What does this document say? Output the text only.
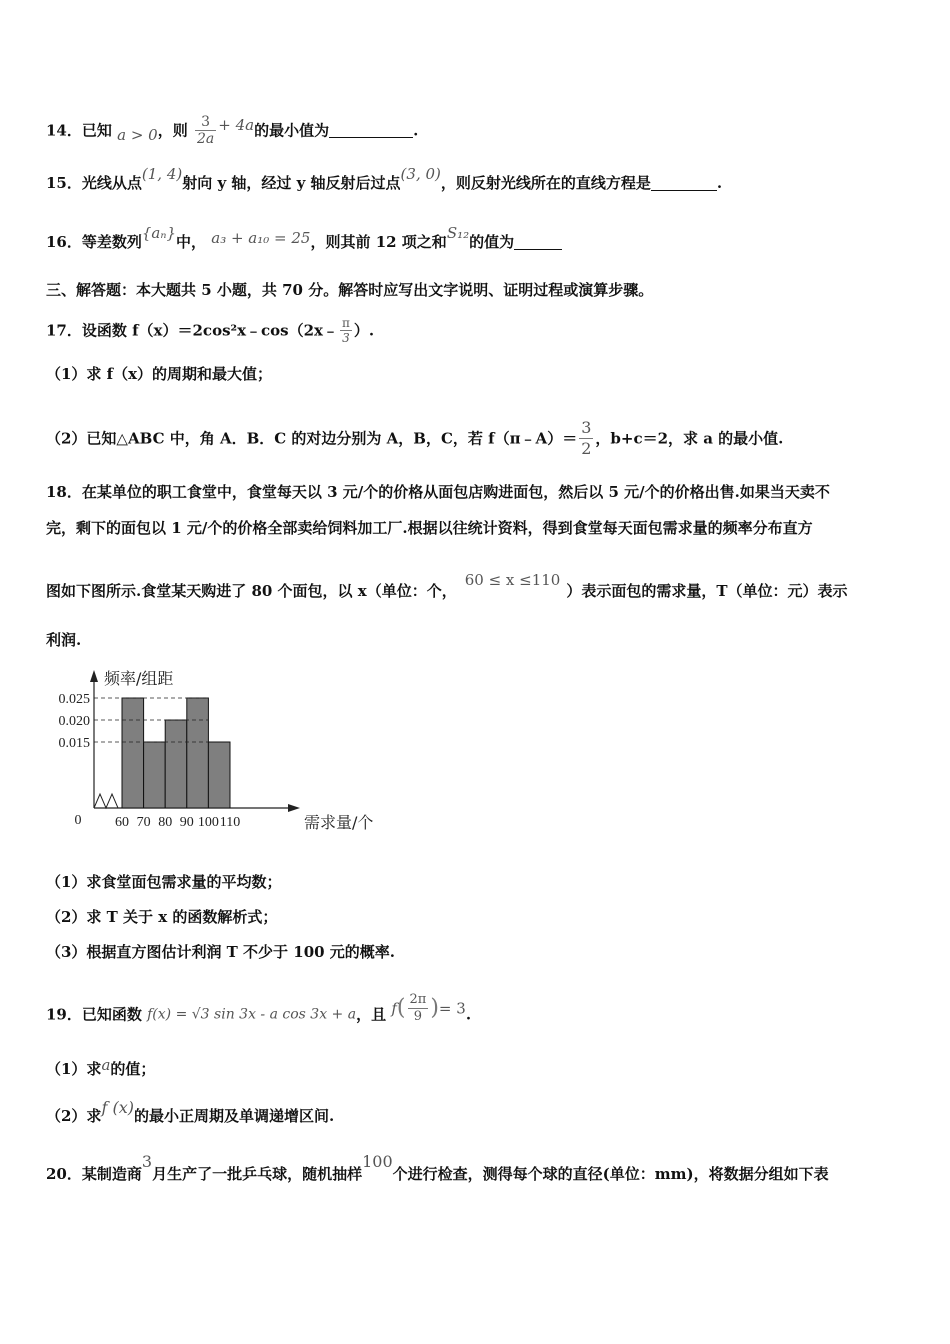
14．已知 a > 0，则 $\frac{3}{2a} + 4a$的最小值为	.
15．光线从点(1, 4)射向 y 轴，经过 y 轴反射后过点(3, 0)，则反射光线所在的直线方程是	.
16．等差数列{aₙ}中， a₃ + a₁₀ = 25，则其前 12 项之和S₁₂的值为
三、解答题：本大题共 5 小题，共 70 分。解答时应写出文字说明、证明过程或演算步骤。
17．设函数 f（x）＝2cos²x﹣cos（2x﹣ $\frac{\pi}{3}$ ）.
（1）求 f（x）的周期和最大值；
（2）已知△ABC 中，角 A．B．C 的对边分别为 A，B，C，若 f（π﹣A）＝ $\frac{3}{2}$ ，b+c＝2，求 a 的最小值.
18．在某单位的职工食堂中，食堂每天以 3 元/个的价格从面包店购进面包，然后以 5 元/个的价格出售.如果当天卖不
完，剩下的面包以 1 元/个的价格全部卖给饲料加工厂.根据以往统计资料，得到食堂每天面包需求量的频率分布直方
图如下图所示.食堂某天购进了 80 个面包，以 x（单位：个，60 ≤ x ≤110）表示面包的需求量，T（单位：元）表示
利润.
0.025
0.020
0.015
60 70 80 90 100 110
0
频率/组距
需求量/个
（1）求食堂面包需求量的平均数；
（2）求 T 关于 x 的函数解析式；
（3）根据直方图估计利润 T 不少于 100 元的概率.
19．已知函数 f(x) = √3 sin 3x - a cos 3x + a，且 $f( \frac{2\pi}{9}$ )= 3.
（1）求a的值；
（2）求f (x)的最小正周期及单调递增区间.
20．某制造商3月生产了一批乒乓球，随机抽样100个进行检查，测得每个球的直径(单位：mm)，将数据分组如下表
